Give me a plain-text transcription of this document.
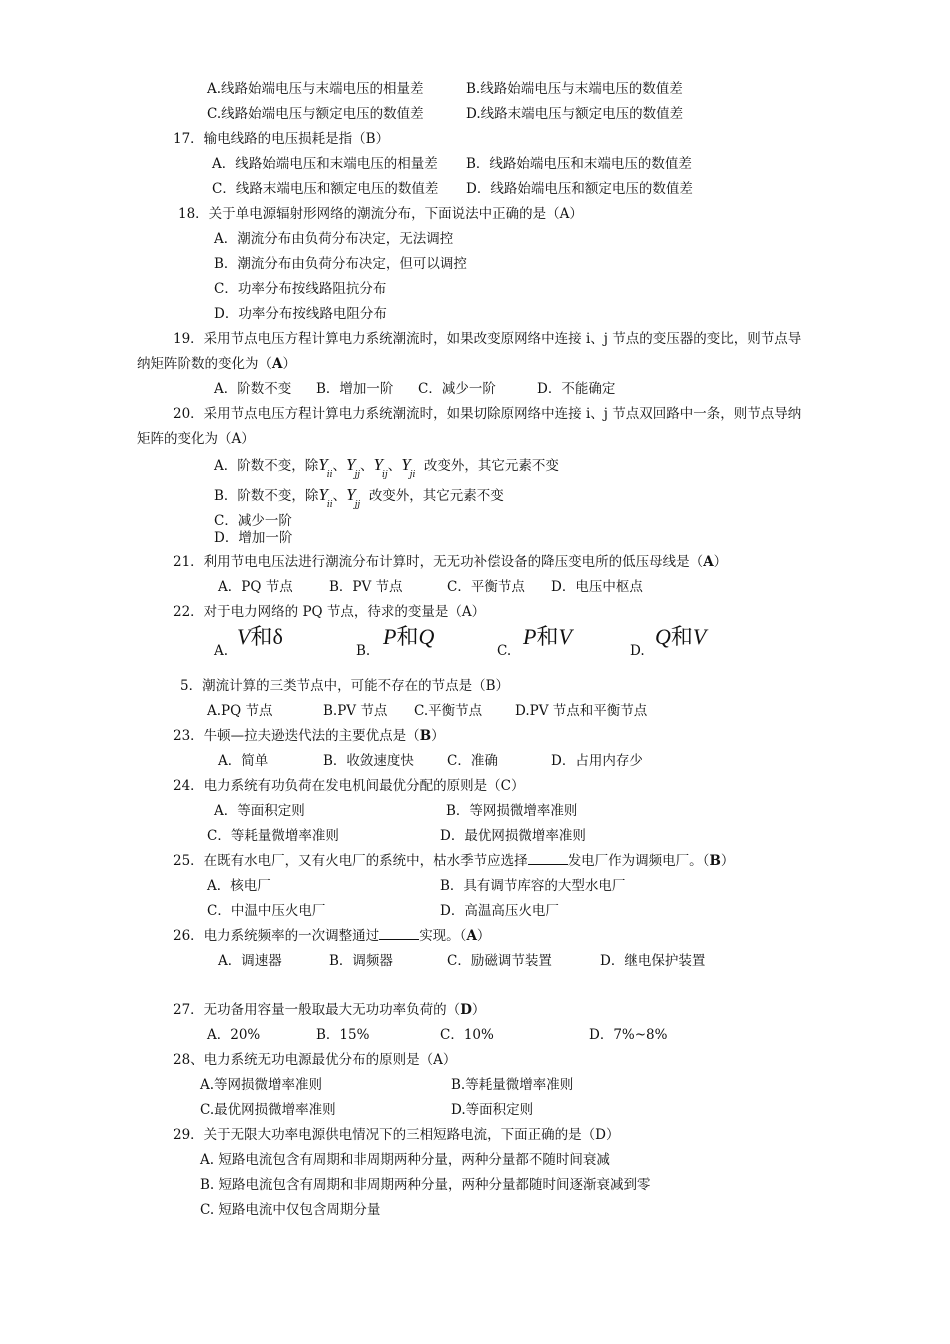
A.线路始端电压与末端电压的相量差	B.线路始端电压与末端电压的数值差
C.线路始端电压与额定电压的数值差	D.线路末端电压与额定电压的数值差
17．输电线路的电压损耗是指（B）
A．线路始端电压和末端电压的相量差 B．线路始端电压和末端电压的数值差
C．线路末端电压和额定电压的数值差 D．线路始端电压和额定电压的数值差
18．关于单电源辐射形网络的潮流分布，下面说法中正确的是（A）
A．潮流分布由负荷分布决定，无法调控
B．潮流分布由负荷分布决定，但可以调控
C．功率分布按线路阻抗分布
D．功率分布按线路电阻分布
19．采用节点电压方程计算电力系统潮流时，如果改变原网络中连接 i、j 节点的变压器的变比，则节点导
纳矩阵阶数的变化为（A）
A．阶数不变 B．增加一阶 C．减少一阶	D．不能确定
20．采用节点电压方程计算电力系统潮流时，如果切除原网络中连接 i、j 节点双回路中一条，则节点导纳
矩阵的变化为（A）
A．阶数不变，除$Y_{ii}$、$Y_{jj}$、$Y_{ij}$、$Y_{ji}$  改变外，其它元素不变
B．阶数不变，除$Y_{ii}$、$Y_{jj}$  改变外，其它元素不变
C．减少一阶
D．增加一阶
21．利用节电电压法进行潮流分布计算时，无无功补偿设备的降压变电所的低压母线是（A）
A．PQ 节点	B．PV 节点	C．平衡节点 D．电压中枢点
22．对于电力网络的 PQ 节点，待求的变量是（A）
A.
V和δ
B.
P和Q
C.
P和V
D.
Q和V
5．潮流计算的三类节点中，可能不存在的节点是（B）
A.PQ 节点	B.PV 节点 C.平衡节点 D.PV 节点和平衡节点
23．牛顿—拉夫逊迭代法的主要优点是（B）
A．简单	B．收敛速度快 C．准确	D．占用内存少
24．电力系统有功负荷在发电机间最优分配的原则是（C）
A．等面积定则	B．等网损微增率准则
C．等耗量微增率准则	D．最优网损微增率准则
25．在既有水电厂，又有火电厂的系统中，枯水季节应选择	发电厂作为调频电厂。（B）
A．核电厂	B．具有调节库容的大型水电厂
C．中温中压火电厂	D．高温高压火电厂
26．电力系统频率的一次调整通过	实现。（A）
A．调速器	B．调频器	C．励磁调节装置	D．继电保护装置
27．无功备用容量一般取最大无功功率负荷的（D）
A．20%	B．15%	C．10%	D．7%~8%
28、电力系统无功电源最优分布的原则是（A）
A.等网损微增率准则	B.等耗量微增率准则
C.最优网损微增率准则	D.等面积定则
29．关于无限大功率电源供电情况下的三相短路电流，下面正确的是（D）
A. 短路电流包含有周期和非周期两种分量，两种分量都不随时间衰减
B. 短路电流包含有周期和非周期两种分量，两种分量都随时间逐渐衰减到零
C. 短路电流中仅包含周期分量
